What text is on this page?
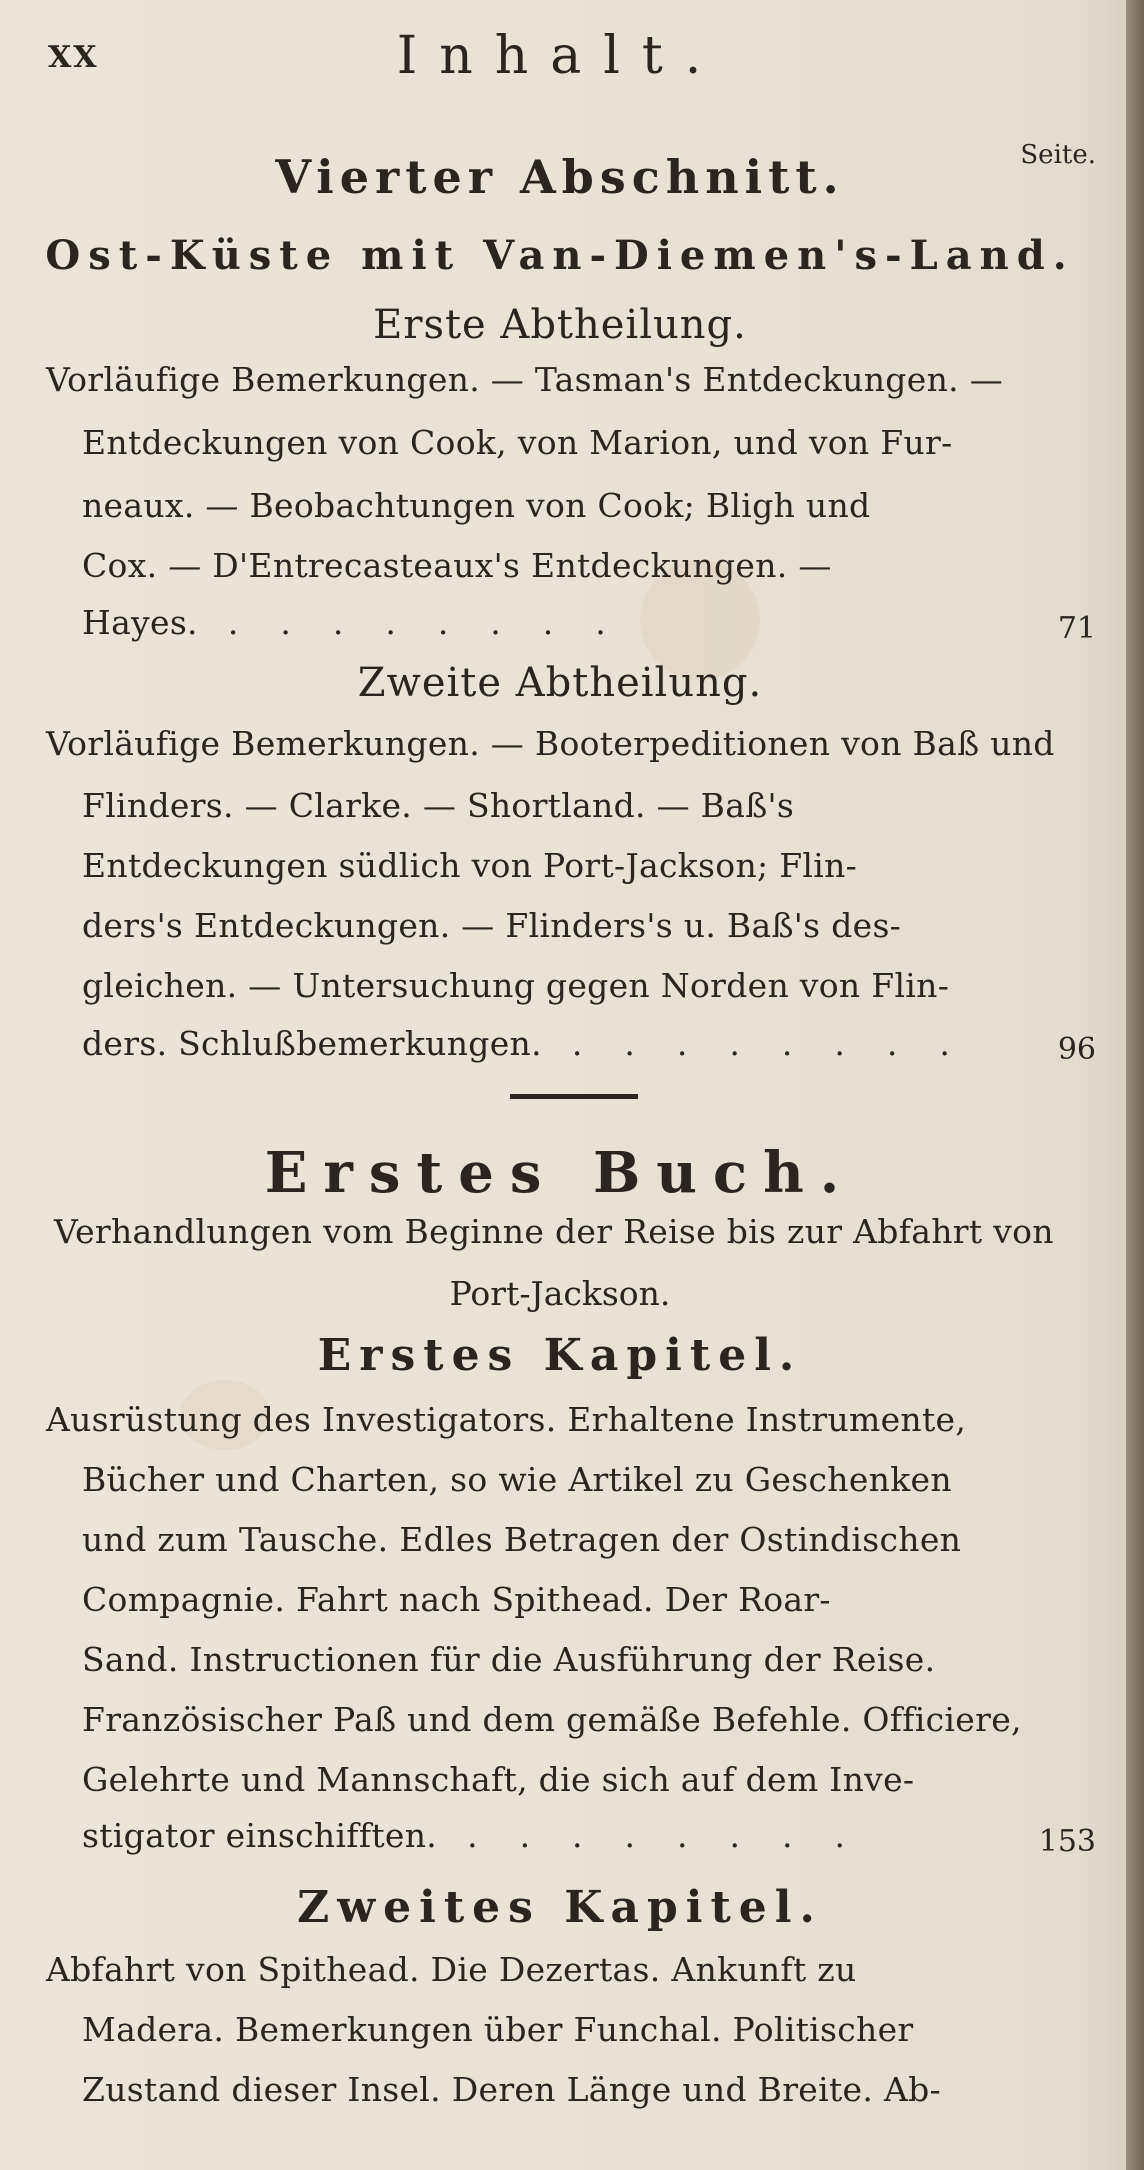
XX	Inhalt.
Seite.
Vierter Abschnitt.
Ost-Küste mit Van-Diemen's-Land.
Erste Abtheilung.
Vorläufige Bemerkungen. — Tasman's Entdeckungen. —
Entdeckungen von Cook, von Marion, und von Fur-
neaux. — Beobachtungen von Cook; Bligh und
Cox. — D'Entrecasteaux's Entdeckungen. —
Hayes. ........	71
Zweite Abtheilung.
Vorläufige Bemerkungen. — Booterpeditionen von Baß und
Flinders. — Clarke. — Shortland. — Baß's
Entdeckungen südlich von Port-Jackson; Flin-
ders's Entdeckungen. — Flinders's u. Baß's des-
gleichen. — Untersuchung gegen Norden von Flin-
ders. Schlußbemerkungen. ........ 96
Erstes Buch.
Verhandlungen vom Beginne der Reise bis zur Abfahrt von
Port-Jackson.
Erstes Kapitel.
Ausrüstung des Investigators. Erhaltene Instrumente,
Bücher und Charten, so wie Artikel zu Geschenken
und zum Tausche. Edles Betragen der Ostindischen
Compagnie. Fahrt nach Spithead. Der Roar-
Sand. Instructionen für die Ausführung der Reise.
Französischer Paß und dem gemäße Befehle. Officiere,
Gelehrte und Mannschaft, die sich auf dem Inve-
stigator einschifften. ........	153
Zweites Kapitel.
Abfahrt von Spithead. Die Dezertas. Ankunft zu
Madera. Bemerkungen über Funchal. Politischer
Zustand dieser Insel. Deren Länge und Breite. Ab-
